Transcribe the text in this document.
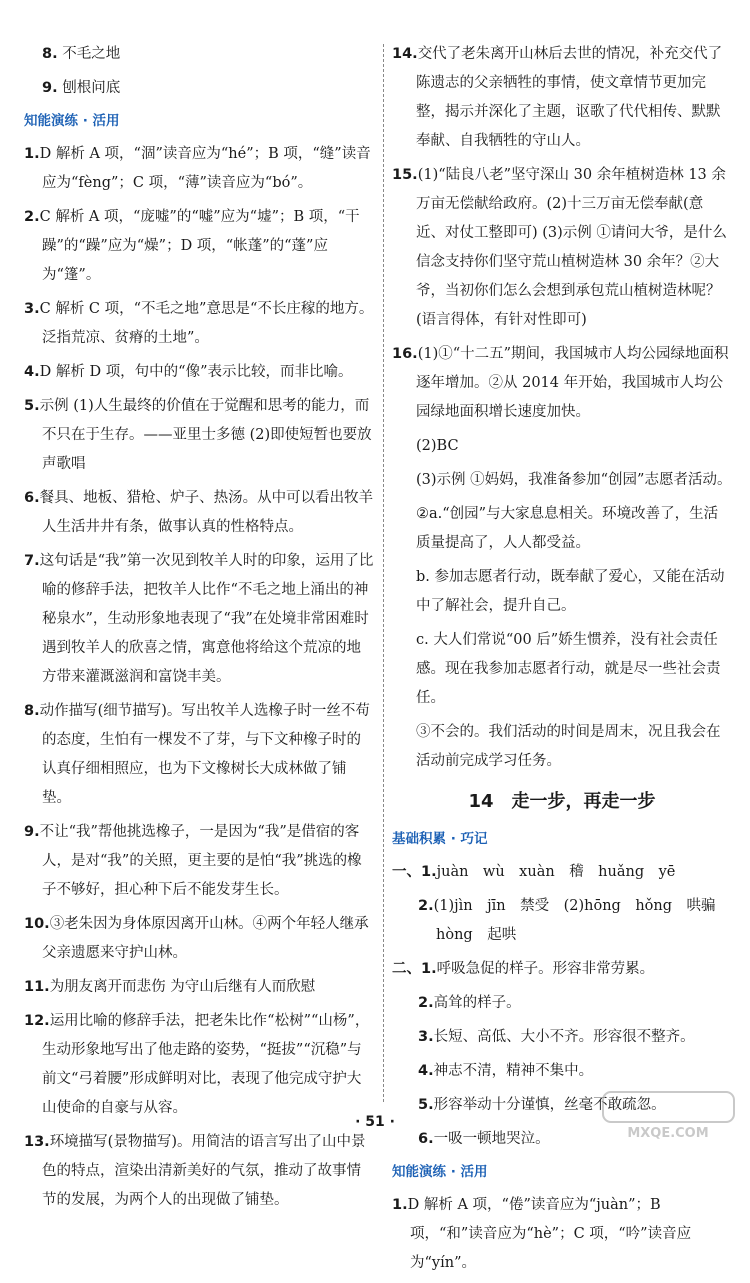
8. 不毛之地
9. 刨根问底
知能演练 · 活用
1.D 解析 A 项，“涸”读音应为“hé”；B 项，“缝”读音应为“fèng”；C 项，“薄”读音应为“bó”。
2.C 解析 A 项，“庞嘘”的“嘘”应为“墟”；B 项，“干躁”的“躁”应为“燥”；D 项，“帐蓬”的“蓬”应为“篷”。
3.C 解析 C 项，“不毛之地”意思是“不长庄稼的地方。泛指荒凉、贫瘠的土地”。
4.D 解析 D 项，句中的“像”表示比较，而非比喻。
5.示例 (1)人生最终的价值在于觉醒和思考的能力，而不只在于生存。——亚里士多德 (2)即使短暂也要放声歌唱
6.餐具、地板、猎枪、炉子、热汤。从中可以看出牧羊人生活井井有条，做事认真的性格特点。
7.这句话是“我”第一次见到牧羊人时的印象，运用了比喻的修辞手法，把牧羊人比作“不毛之地上涌出的神秘泉水”，生动形象地表现了“我”在处境非常困难时遇到牧羊人的欣喜之情，寓意他将给这个荒凉的地方带来灌溉滋润和富饶丰美。
8.动作描写(细节描写)。写出牧羊人选橡子时一丝不苟的态度，生怕有一棵发不了芽，与下文种橡子时的认真仔细相照应，也为下文橡树长大成林做了铺垫。
9.不让“我”帮他挑选橡子，一是因为“我”是借宿的客人，是对“我”的关照，更主要的是怕“我”挑选的橡子不够好，担心种下后不能发芽生长。
10.③老朱因为身体原因离开山林。④两个年轻人继承父亲遗愿来守护山林。
11.为朋友离开而悲伤 为守山后继有人而欣慰
12.运用比喻的修辞手法，把老朱比作“松树”“山杨”，生动形象地写出了他走路的姿势，“挺拔”“沉稳”与前文“弓着腰”形成鲜明对比，表现了他完成守护大山使命的自豪与从容。
13.环境描写(景物描写)。用简洁的语言写出了山中景色的特点，渲染出清新美好的气氛，推动了故事情节的发展，为两个人的出现做了铺垫。
14.交代了老朱离开山林后去世的情况，补充交代了陈遗志的父亲牺牲的事情，使文章情节更加完整，揭示并深化了主题，讴歌了代代相传、默默奉献、自我牺牲的守山人。
15.(1)“陆良八老”坚守深山 30 余年植树造林 13 余万亩无偿献给政府。(2)十三万亩无偿奉献(意近、对仗工整即可) (3)示例 ①请问大爷，是什么信念支持你们坚守荒山植树造林 30 余年？②大爷，当初你们怎么会想到承包荒山植树造林呢？(语言得体，有针对性即可)
16.(1)①“十二五”期间，我国城市人均公园绿地面积逐年增加。②从 2014 年开始，我国城市人均公园绿地面积增长速度加快。
(2)BC
(3)示例 ①妈妈，我准备参加“创园”志愿者活动。
②a.“创园”与大家息息相关。环境改善了，生活质量提高了，人人都受益。
b. 参加志愿者行动，既奉献了爱心，又能在活动中了解社会，提升自己。
c. 大人们常说“00 后”娇生惯养，没有社会责任感。现在我参加志愿者行动，就是尽一些社会责任。
③不会的。我们活动的时间是周末，况且我会在活动前完成学习任务。
14　走一步，再走一步
基础积累 · 巧记
一、1.juàn　wù　xuàn　稽　huǎng　yē
2.(1)jìn　jīn　禁受　(2)hōng　hǒng　哄骗　hòng　起哄
二、1.呼吸急促的样子。形容非常劳累。
2.高耸的样子。
3.长短、高低、大小不齐。形容很不整齐。
4.神志不清，精神不集中。
5.形容举动十分谨慎，丝毫不敢疏忽。
6.一吸一顿地哭泣。
知能演练 · 活用
1.D 解析 A 项，“倦”读音应为“juàn”；B 项，“和”读音应为“hè”；C 项，“吟”读音应为“yín”。
· 51 ·
MXQE.COM
